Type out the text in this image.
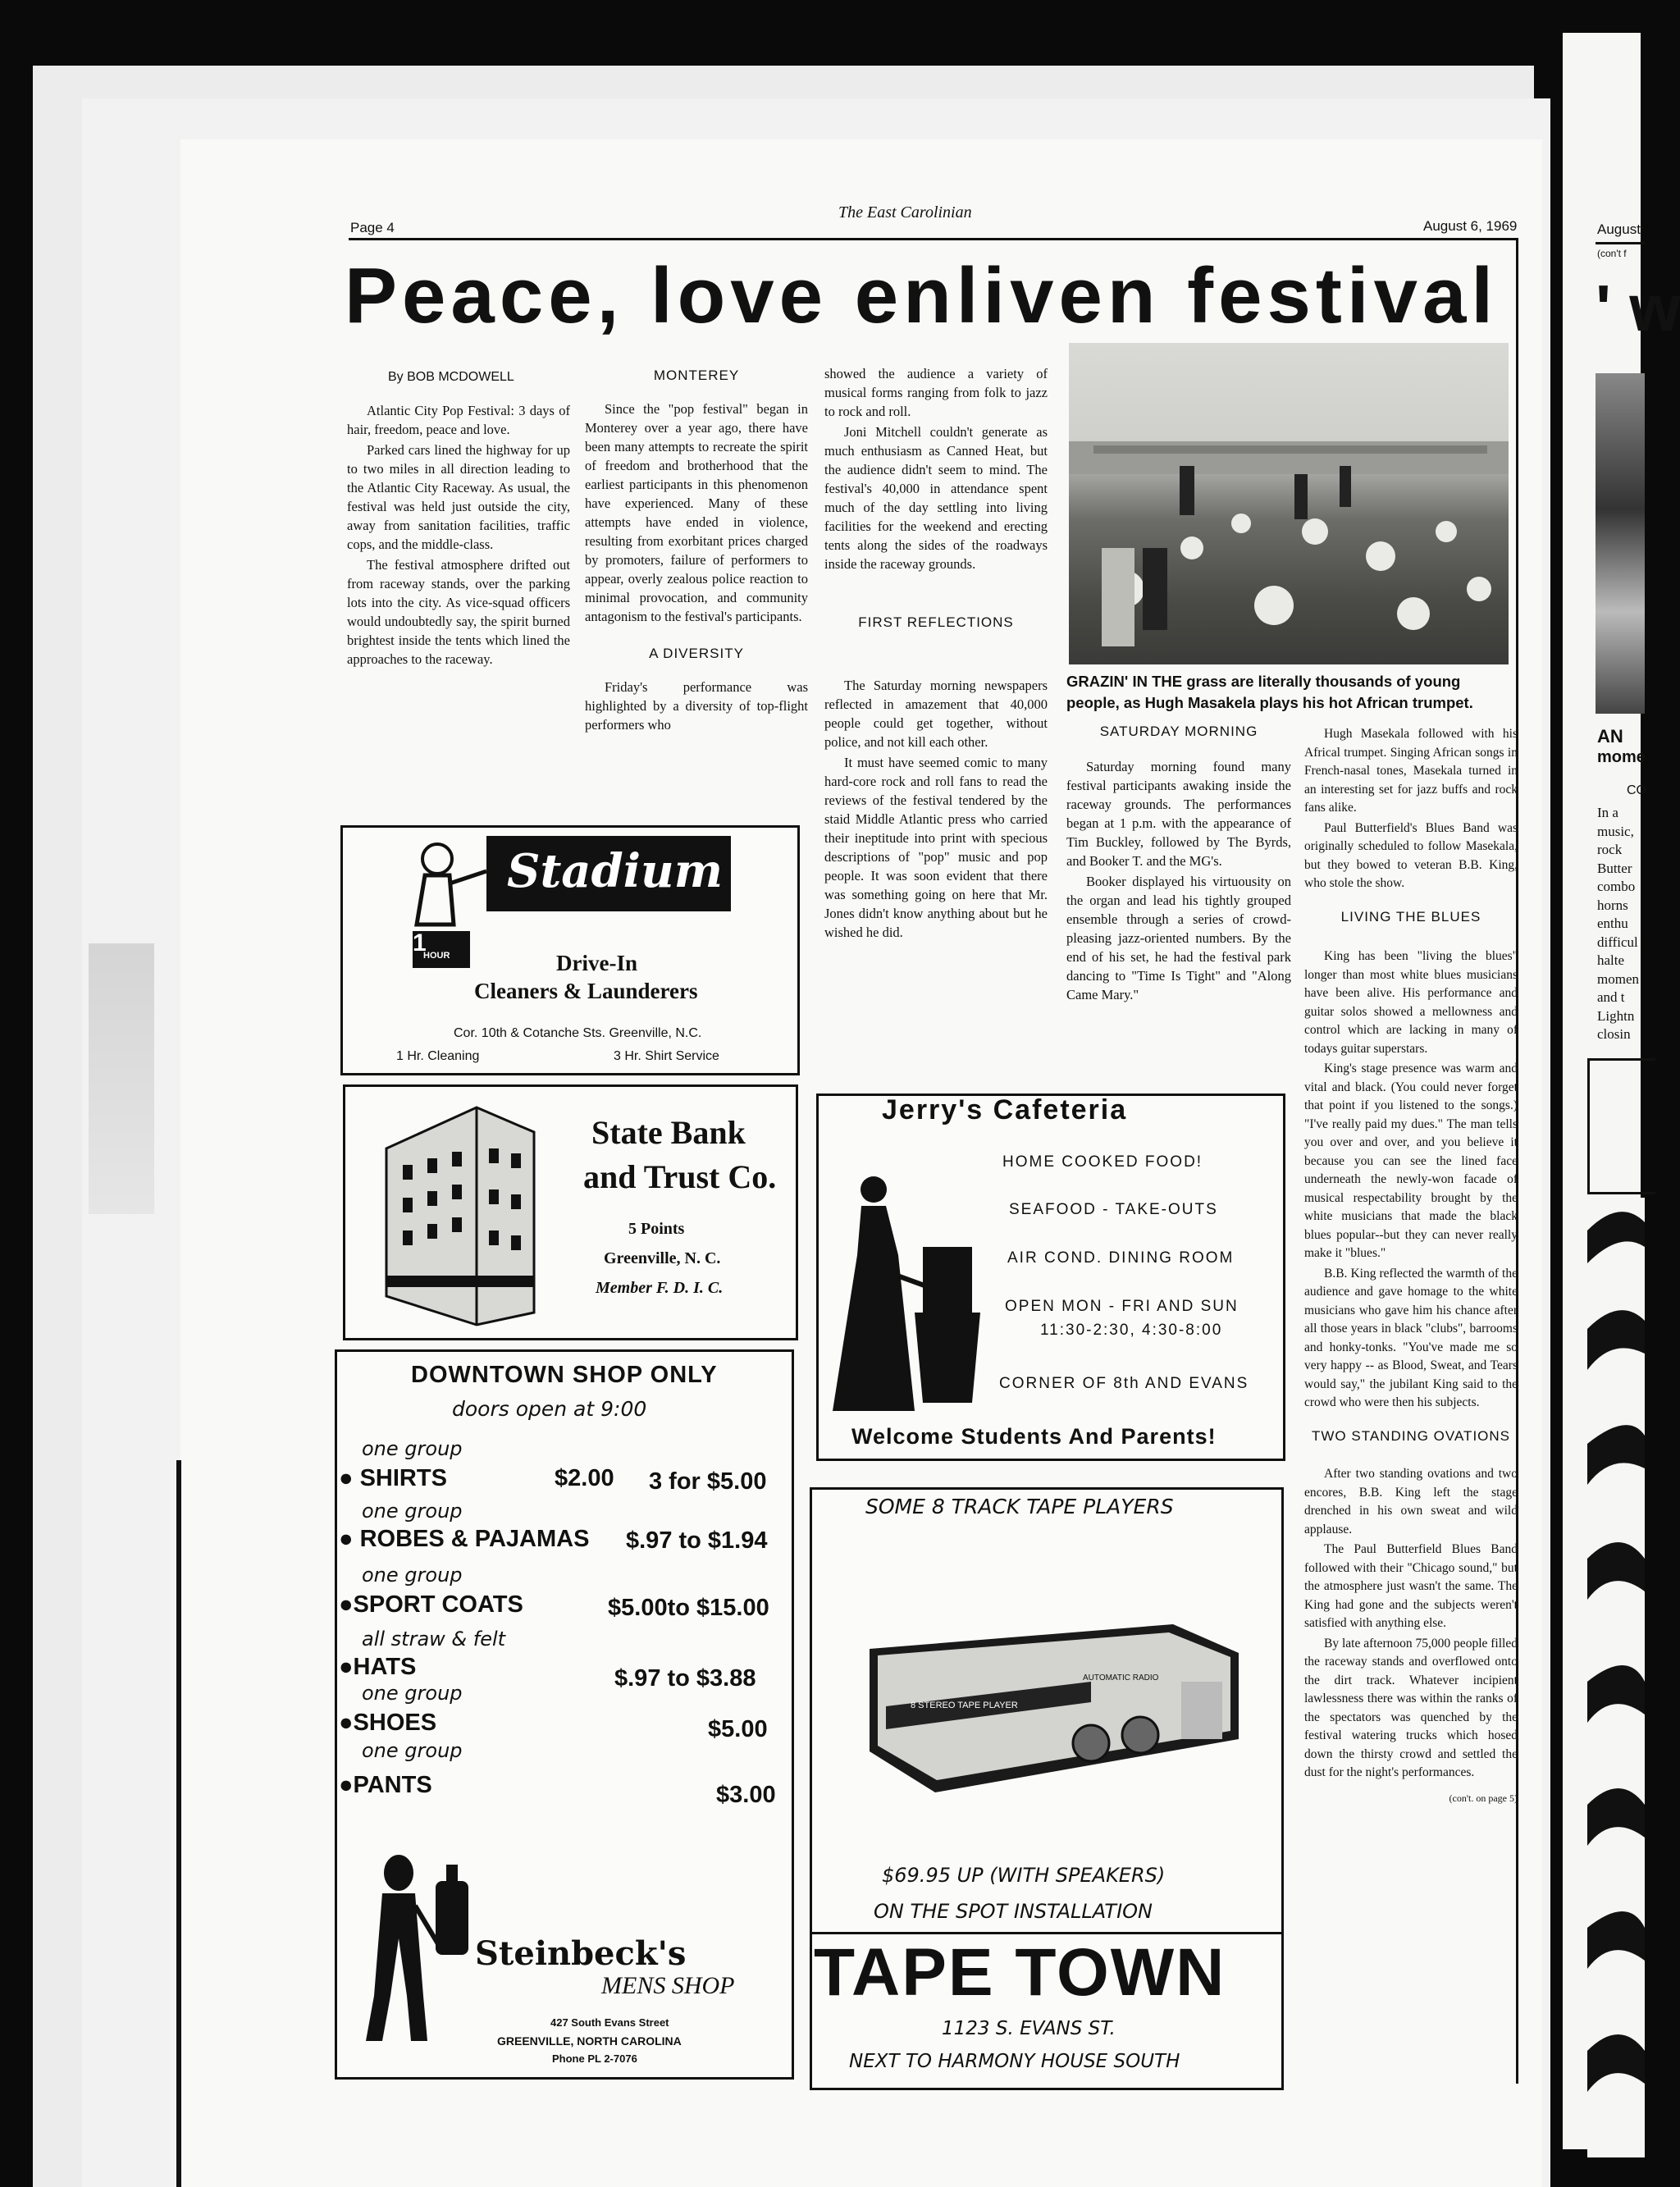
Page 4
The East Carolinian
August 6, 1969
Peace, love enliven festival
By BOB MCDOWELL

Atlantic City Pop Festival: 3 days of hair, freedom, peace and love.

Parked cars lined the highway for up to two miles in all direction leading to the Atlantic City Raceway. As usual, the festival was held just outside the city, away from sanitation facilities, traffic cops, and the middle-class.

The festival atmosphere drifted out from raceway stands, over the parking lots into the city. As vice-squad officers would undoubtedly say, the spirit burned brightest inside the tents which lined the approaches to the raceway.

MONTEREY

Since the "pop festival" began in Monterey over a year ago, there have been many attempts to recreate the spirit of freedom and brotherhood that the earliest participants in this phenomenon have experienced. Many of these attempts have ended in violence, resulting from exorbitant prices charged by promoters, failure of performers to appear, overly zealous police reaction to minimal provocation, and community antagonism to the festival's participants.

A DIVERSITY

Friday's performance was highlighted by a diversity of top-flight performers who

showed the audience a variety of musical forms ranging from folk to jazz to rock and roll.

Joni Mitchell couldn't generate as much enthusiasm as Canned Heat, but the audience didn't seem to mind. The festival's 40,000 in attendance spent much of the day settling into living facilities for the weekend and erecting tents along the sides of the roadways inside the raceway grounds.

FIRST REFLECTIONS

The Saturday morning newspapers reflected in amazement that 40,000 people could get together, without police, and not kill each other.

It must have seemed comic to many hard-core rock and roll fans to read the reviews of the festival tendered by the staid Middle Atlantic press who carried their ineptitude into print with specious descriptions of "pop" music and pop people. It was soon evident that there was something going on here that Mr. Jones didn't know anything about but he wished he did.

GRAZIN' IN THE grass are literally thousands of young people, as Hugh Masakela plays his hot African trumpet.
SATURDAY MORNING

Saturday morning found many festival participants awaking inside the raceway grounds. The performances began at 1 p.m. with the appearance of Tim Buckley, followed by The Byrds, and Booker T. and the MG's.

Booker displayed his virtuousity on the organ and lead his tightly grouped ensemble through a series of crowd-pleasing jazz-oriented numbers. By the end of his set, he had the festival park dancing to "Time Is Tight" and "Along Came Mary."

Hugh Masekala followed with his Africal trumpet. Singing African songs in French-nasal tones, Masekala turned in an interesting set for jazz buffs and rock fans alike.

Paul Butterfield's Blues Band was originally scheduled to follow Masekala, but they bowed to veteran B.B. King, who stole the show.

LIVING THE BLUES

King has been "living the blues" longer than most white blues musicians have been alive. His performance and guitar solos showed a mellowness and control which are lacking in many of todays guitar superstars.

King's stage presence was warm and vital and black. (You could never forget that point if you listened to the songs.) "I've really paid my dues." The man tells you over and over, and you believe it because you can see the lined face underneath the newly-won facade of musical respectability brought by the white musicians that made the black blues popular--but they can never really make it "blues."

B.B. King reflected the warmth of the audience and gave homage to the white musicians who gave him his chance after all those years in black "clubs", barrooms and honky-tonks. "You've made me so very happy -- as Blood, Sweat, and Tears would say," the jubilant King said to the crowd who were then his subjects.

TWO STANDING OVATIONS

After two standing ovations and two encores, B.B. King left the stage drenched in his own sweat and wild applause.

The Paul Butterfield Blues Band followed with their "Chicago sound," but the atmosphere just wasn't the same. The King had gone and the subjects weren't satisfied with anything else.

By late afternoon 75,000 people filled the raceway stands and overflowed onto the dirt track. Whatever incipient lawlessness there was within the ranks of the spectators was quenched by the festival watering trucks which hosed down the thirsty crowd and settled the dust for the night's performances.

(con't. on page 5)
Stadium
1
HOUR	Drive-In
Cleaners & Launderers
Cor. 10th & Cotanche Sts. Greenville, N.C.
1 Hr. Cleaning	3 Hr. Shirt Service
State Bank
and Trust Co.
5 Points
Greenville, N. C.
Member F. D. I. C.
DOWNTOWN SHOP ONLY
doors open at 9:00
one group
● SHIRTS	$2.00 3 for $5.00
one group
● ROBES & PAJAMAS $.97 to $1.94
one group
●SPORT COATS	$5.00to $15.00
all straw & felt
●HATS	$.97 to $3.88
one group
●SHOES	$5.00
one group
●PANTS	$3.00
Steinbeck's
MENS SHOP
427 South Evans Street
GREENVILLE, NORTH CAROLINA
Phone PL 2-7076
Jerry's Cafeteria
HOME COOKED FOOD!
SEAFOOD - TAKE-OUTS
AIR COND. DINING ROOM
OPEN MON - FRI AND SUN
11:30-2:30, 4:30-8:00
CORNER OF 8th AND EVANS
Welcome Students And Parents!
SOME 8 TRACK TAPE PLAYERS
8 STEREO TAPE PLAYER
AUTOMATIC RADIO
$69.95 UP (WITH SPEAKERS)
ON THE SPOT INSTALLATION
TAPE TOWN
1123 S. EVANS ST.
NEXT TO HARMONY HOUSE SOUTH
August
(con't f
' w
AN
mome
CO
In a
music,
rock
Butter
combo
horns
enthu
difficul
halte
momen
and t
Lightn
closin
